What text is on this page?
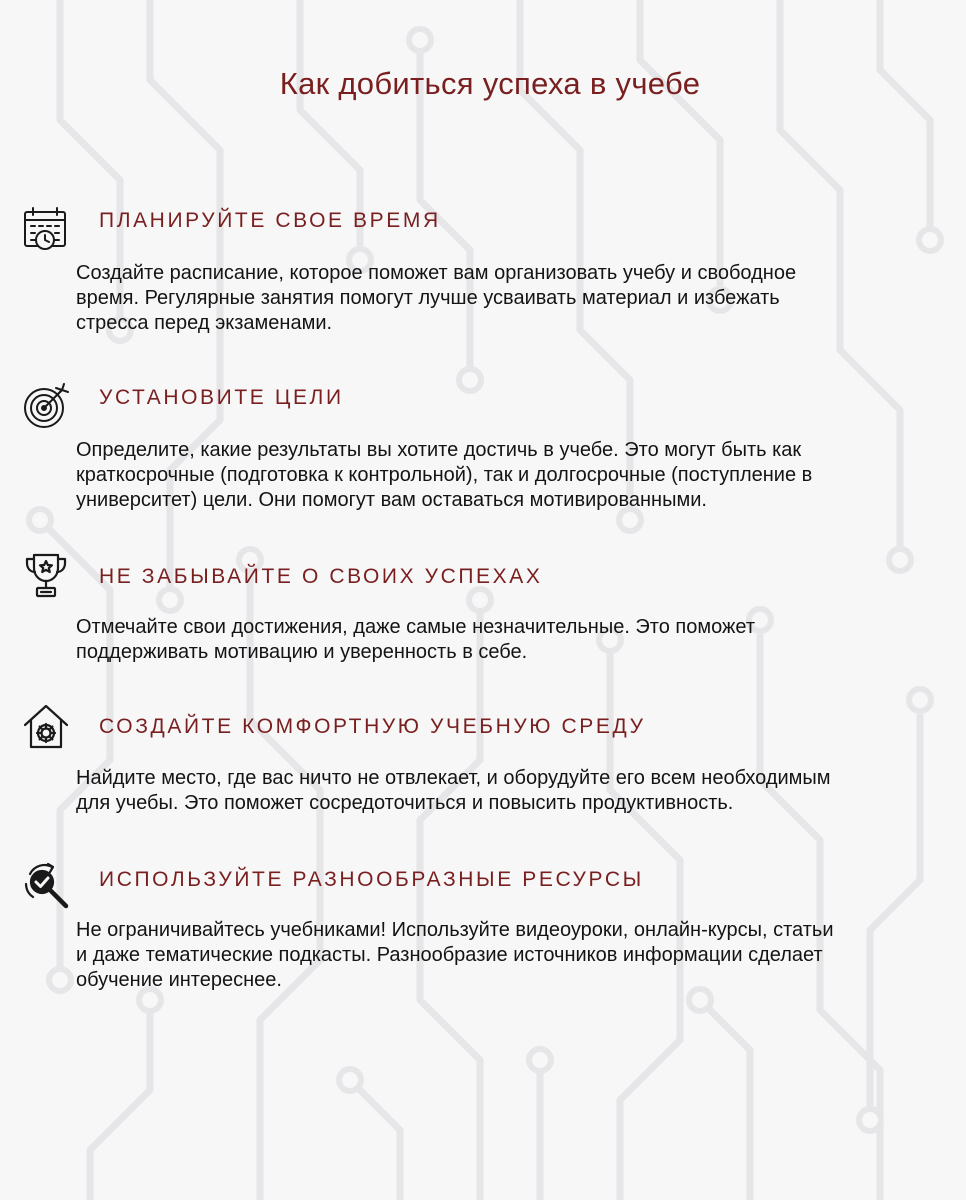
Как добиться успеха в учебе
ПЛАНИРУЙТЕ СВОЕ ВРЕМЯ
Создайте расписание, которое поможет вам организовать учебу и свободное
время. Регулярные занятия помогут лучше усваивать материал и избежать
стресса перед экзаменами.
УСТАНОВИТЕ ЦЕЛИ
Определите, какие результаты вы хотите достичь в учебе. Это могут быть как
краткосрочные (подготовка к контрольной), так и долгосрочные (поступление в
университет) цели. Они помогут вам оставаться мотивированными.
НЕ ЗАБЫВАЙТЕ О СВОИХ УСПЕХАХ
Отмечайте свои достижения, даже самые незначительные. Это поможет
поддерживать мотивацию и уверенность в себе.
СОЗДАЙТЕ КОМФОРТНУЮ УЧЕБНУЮ СРЕДУ
Найдите место, где вас ничто не отвлекает, и оборудуйте его всем необходимым
для учебы. Это поможет сосредоточиться и повысить продуктивность.
ИСПОЛЬЗУЙТЕ РАЗНООБРАЗНЫЕ РЕСУРСЫ
Не ограничивайтесь учебниками! Используйте видеоуроки, онлайн-курсы, статьи
и даже тематические подкасты. Разнообразие источников информации сделает
обучение интереснее.
